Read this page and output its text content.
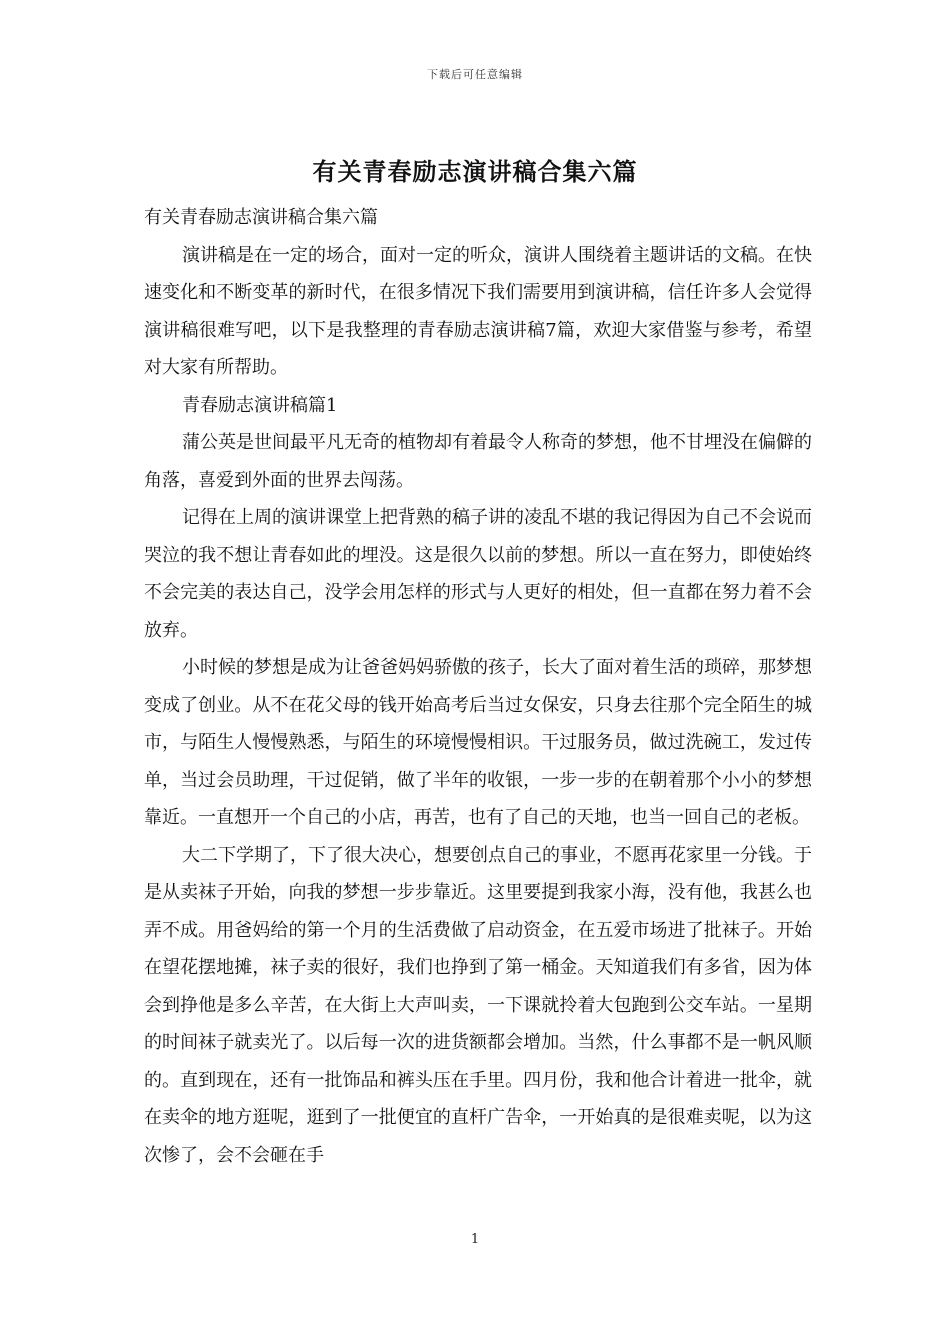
下载后可任意编辑
有关青春励志演讲稿合集六篇

有关青春励志演讲稿合集六篇

演讲稿是在一定的场合，面对一定的听众，演讲人围绕着主题讲话的文稿。在快速变化和不断变革的新时代，在很多情况下我们需要用到演讲稿，信任许多人会觉得演讲稿很难写吧，以下是我整理的青春励志演讲稿7篇，欢迎大家借鉴与参考，希望对大家有所帮助。

青春励志演讲稿篇1

蒲公英是世间最平凡无奇的植物却有着最令人称奇的梦想，他不甘埋没在偏僻的角落，喜爱到外面的世界去闯荡。

记得在上周的演讲课堂上把背熟的稿子讲的凌乱不堪的我记得因为自己不会说而哭泣的我不想让青春如此的埋没。这是很久以前的梦想。所以一直在努力，即使始终不会完美的表达自己，没学会用怎样的形式与人更好的相处，但一直都在努力着不会放弃。

小时候的梦想是成为让爸爸妈妈骄傲的孩子，长大了面对着生活的琐碎，那梦想变成了创业。从不在花父母的钱开始高考后当过女保安，只身去往那个完全陌生的城市，与陌生人慢慢熟悉，与陌生的环境慢慢相识。干过服务员，做过洗碗工，发过传单，当过会员助理，干过促销，做了半年的收银，一步一步的在朝着那个小小的梦想靠近。一直想开一个自己的小店，再苦，也有了自己的天地，也当一回自己的老板。

大二下学期了，下了很大决心，想要创点自己的事业，不愿再花家里一分钱。于是从卖袜子开始，向我的梦想一步步靠近。这里要提到我家小海，没有他，我甚么也弄不成。用爸妈给的第一个月的生活费做了启动资金，在五爱市场进了批袜子。开始在望花摆地摊，袜子卖的很好，我们也挣到了第一桶金。天知道我们有多省，因为体会到挣他是多么辛苦，在大街上大声叫卖，一下课就拎着大包跑到公交车站。一星期的时间袜子就卖光了。以后每一次的进货额都会增加。当然，什么事都不是一帆风顺的。直到现在，还有一批饰品和裤头压在手里。四月份，我和他合计着进一批伞，就在卖伞的地方逛呢，逛到了一批便宜的直杆广告伞，一开始真的是很难卖呢，以为这次惨了，会不会砸在手

1
